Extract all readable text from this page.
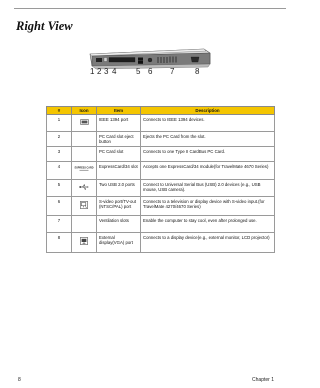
Right View
1 2 3 4 5 6 7	8
#	Icon	Item	Description
1		IEEE 1394 port	Connects to IEEE 1394 devices.
2		PC Card slot eject button	Ejects the PC Card from the slot.
3		PC Card slot	Connects to one Type II CardBus PC Card.
4	EXPRESS CARD	ExpressCard/34 slot	Accepts one ExpressCard/34 module(for TravelMate 4670 Series)
5		Two USB 2.0 ports	Connect to Universal Serial Bus (USB) 2.0 devices (e.g., USB mouse, USB camera).
6		S-video port/TV-out (NTSC/PAL) port	Connects to a television or display device with S-video input.(for TravelMate 4270/4670 Series)
7		Ventilation slots	Enable the computer to stay cool, even after prolonged use.
8		External display(VGA) port	Connects to a display device(e.g., external monitor, LCD projector)
8	Chapter 1
